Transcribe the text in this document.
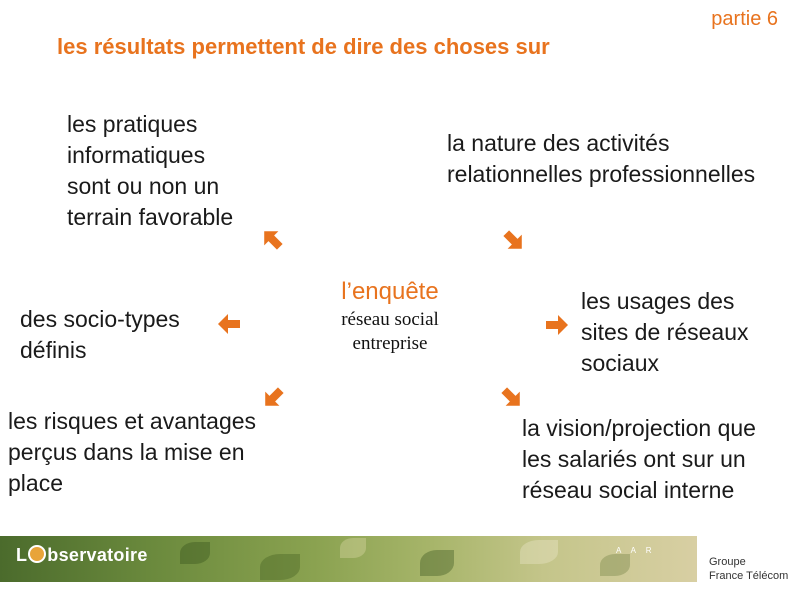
partie 6
les résultats permettent de dire des choses sur
l’enquête
réseau social
entreprise
les pratiques
informatiques
sont ou non un
terrain favorable
la nature des activités
relationnelles professionnelles
des socio-types
définis
les usages des
sites de réseaux
sociaux
les risques et avantages
perçus dans la mise en
place
la vision/projection que
les salariés ont sur un
réseau social interne
L bservatoire	A A R
Groupe
France Télécom
